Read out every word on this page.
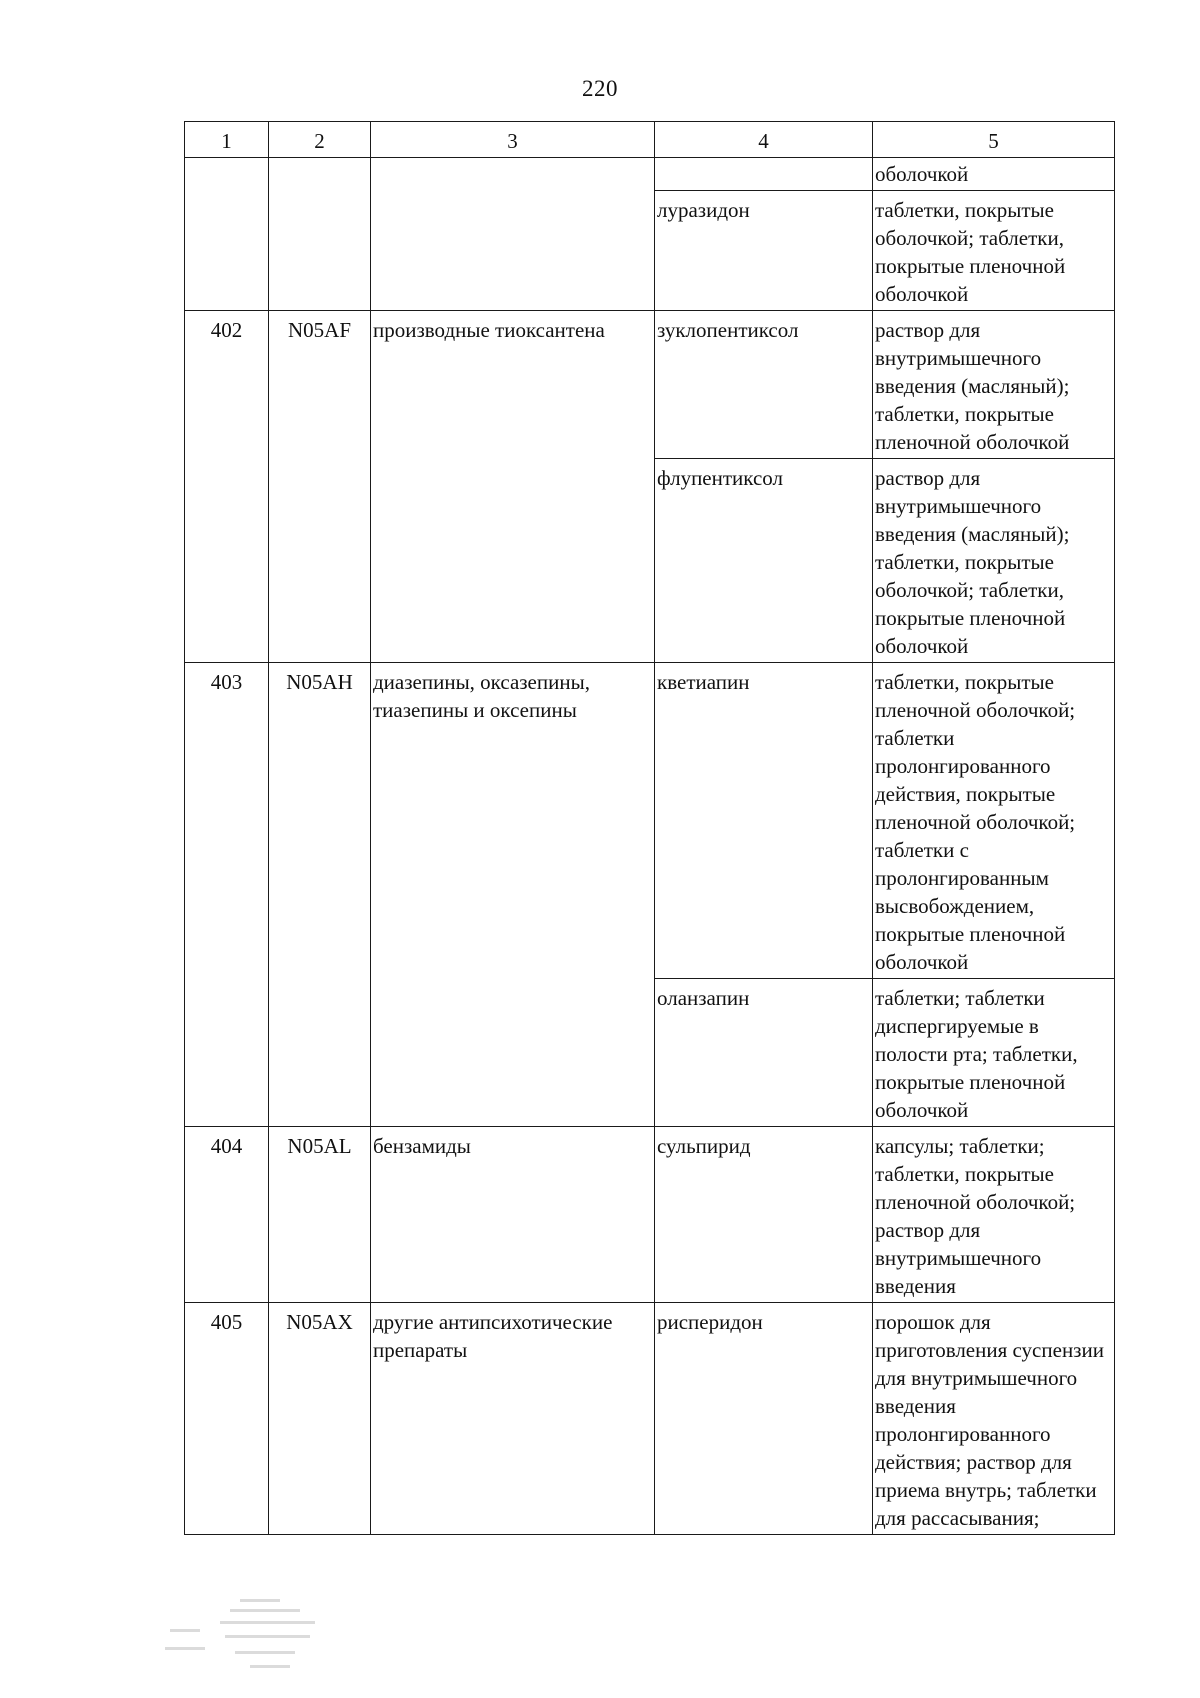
220
1	2	3	4	5
				оболочкой
			луразидон	таблетки, покрытые оболочкой; таблетки, покрытые пленочной оболочкой
402	N05AF	производные тиоксантена	зуклопентиксол	раствор для внутримышечного введения (масляный); таблетки, покрытые пленочной оболочкой
			флупентиксол	раствор для внутримышечного введения (масляный); таблетки, покрытые оболочкой; таблетки, покрытые пленочной оболочкой
403	N05AH	диазепины, оксазепины, тиазепины и оксепины	кветиапин	таблетки, покрытые пленочной оболочкой; таблетки пролонгированного действия, покрытые пленочной оболочкой; таблетки с пролонгированным высвобождением, покрытые пленочной оболочкой
			оланзапин	таблетки; таблетки диспергируемые в полости рта; таблетки, покрытые пленочной оболочкой
404	N05AL	бензамиды	сульпирид	капсулы; таблетки; таблетки, покрытые пленочной оболочкой; раствор для внутримышечного введения
405	N05AX	другие антипсихотические препараты	рисперидон	порошок для приготовления суспензии для внутримышечного введения пролонгированного действия; раствор для приема внутрь; таблетки для рассасывания;
